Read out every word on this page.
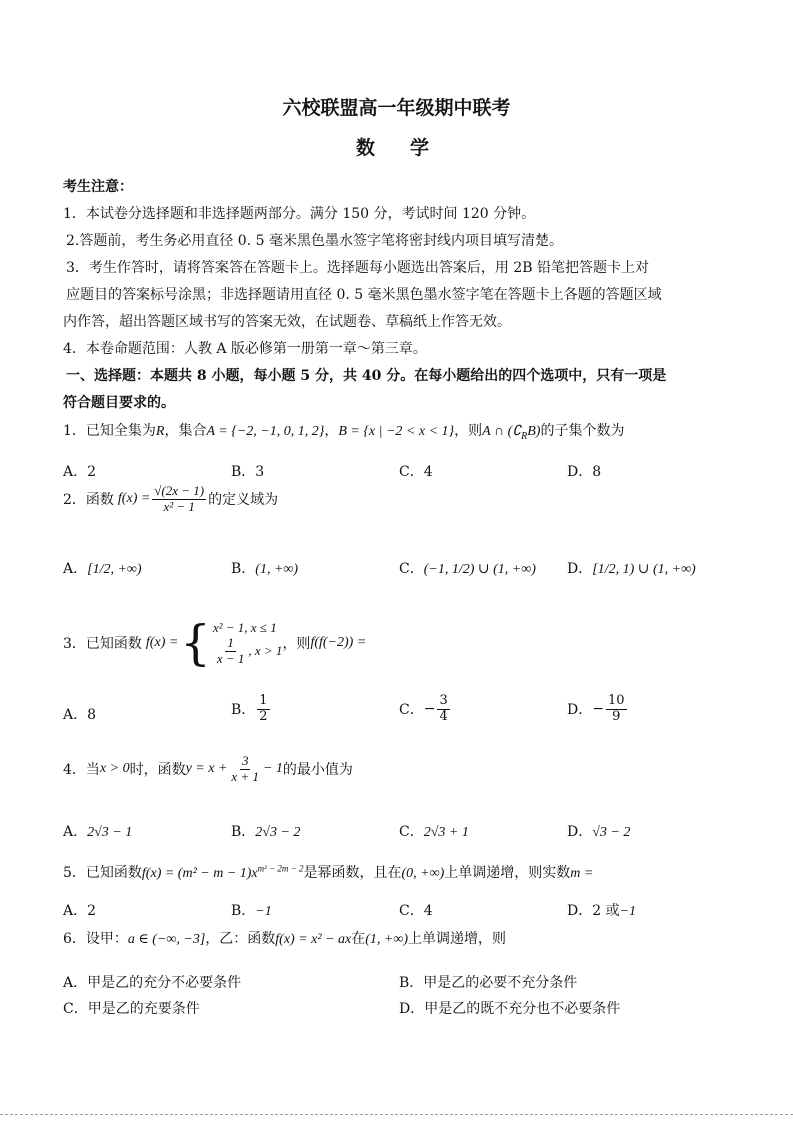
六校联盟高一年级期中联考
数　学
考生注意：
1．本试卷分选择题和非选择题两部分。满分 150 分，考试时间 120 分钟。
2.答题前，考生务必用直径 0. 5 毫米黑色墨水签字笔将密封线内项目填写清楚。
3．考生作答时，请将答案答在答题卡上。选择题每小题选出答案后，用 2B 铅笔把答题卡上对
应题目的答案标号涂黑；非选择题请用直径 0. 5 毫米黑色墨水签字笔在答题卡上各题的答题区域
内作答，超出答题区域书写的答案无效，在试题卷、草稿纸上作答无效。
4．本卷命题范围：人教 A 版必修第一册第一章～第三章。
一、选择题：本题共 8 小题，每小题 5 分，共 40 分。在每小题给出的四个选项中，只有一项是
符合题目要求的。
1．已知全集为R，集合A = {−2, −1, 0, 1, 2}，B = {x | −2 < x < 1}，则A ∩ $(∁_RB)$的子集个数为
A．2	B．3	C．4	D．8
2．函数 $f(x) = \frac{√(2x - 1)}{\text{x² − 1}}$ 的定义域为
A．[1/2, +∞)	B．(1, +∞)	C．(−1, 1/2) ∪ (1, +∞) D．[1/2, 1) ∪ (1, +∞)
3．已知函数 f(x) = { x² − 1, x ≤ 1
$\frac{1}{x - 1}$ , x > 1 ，则 f(f(−2)) =
A．8	B． $\frac{1}{2}$	C． − $\frac{3}{4}$	D． − $\frac{10}{9}$
4．当 x > 0 时，函数 $y = x + \frac{3}{x + 1} - 1$ 的最小值为
A．2√3 − 1	B．2√3 − 2	C．2√3 + 1	D．√3 − 2
5．已知函数$f(x) = (m^2 - m - 1)x^{m^2 - 2m - 2}$是幂函数，且在(0, +∞)上单调递增，则实数m =
A．2	B．−1	C．4	D．2 或−1
6．设甲：a ∈ (−∞, −3]，乙：函数f(x) = x² − ax在(1, +∞)上单调递增，则
A．甲是乙的充分不必要条件	B．甲是乙的必要不充分条件
C．甲是乙的充要条件	D．甲是乙的既不充分也不必要条件
